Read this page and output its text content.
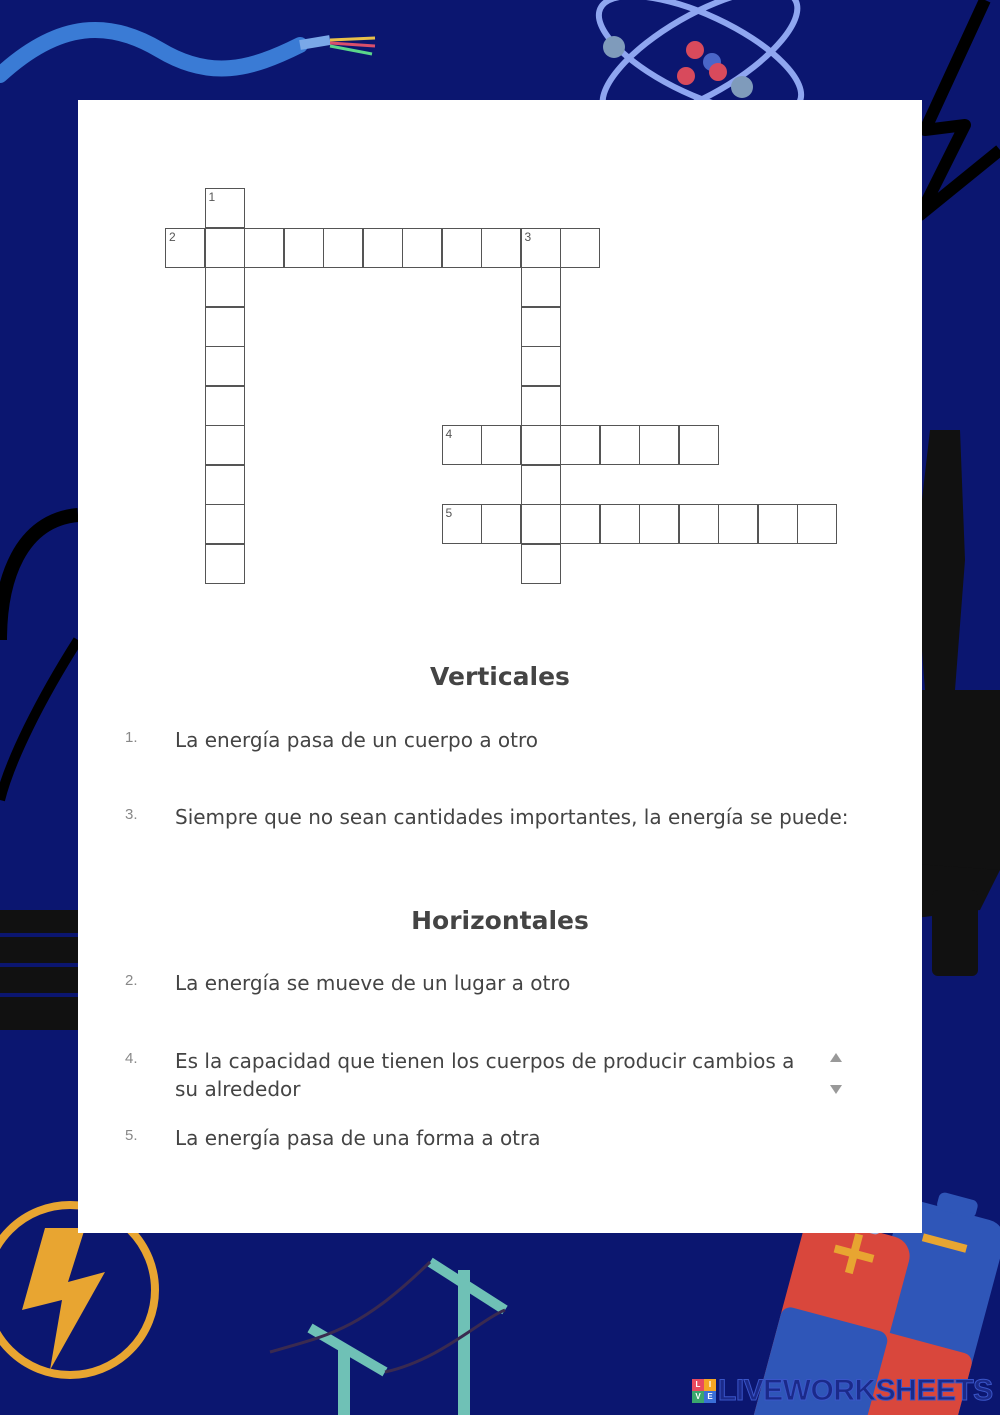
1
2	3
4
5
Verticales
1. La energía pasa de un cuerpo a otro
3. Siempre que no sean cantidades importantes, la energía se puede:
Horizontales
2. La energía se mueve de un lugar a otro
4. Es la capacidad que tienen los cuerpos de producir cambios a su alrededor
5. La energía pasa de una forma a otra
L	I
V E LIVEWORKSHEETS
